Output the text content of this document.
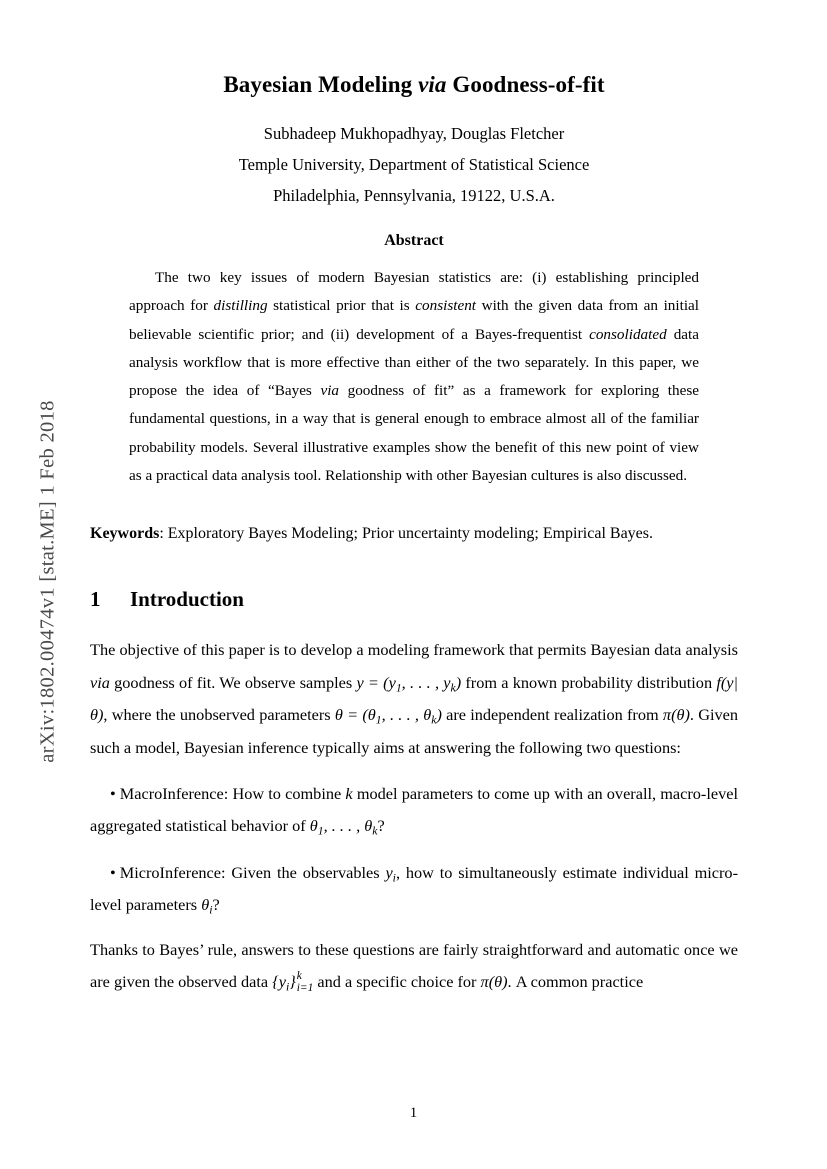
arXiv:1802.00474v1 [stat.ME] 1 Feb 2018
Bayesian Modeling via Goodness-of-fit
Subhadeep Mukhopadhyay, Douglas Fletcher
Temple University, Department of Statistical Science
Philadelphia, Pennsylvania, 19122, U.S.A.
Abstract
The two key issues of modern Bayesian statistics are: (i) establishing principled approach for distilling statistical prior that is consistent with the given data from an initial believable scientific prior; and (ii) development of a Bayes-frequentist consolidated data analysis workflow that is more effective than either of the two separately. In this paper, we propose the idea of “Bayes via goodness of fit” as a framework for exploring these fundamental questions, in a way that is general enough to embrace almost all of the familiar probability models. Several illustrative examples show the benefit of this new point of view as a practical data analysis tool. Relationship with other Bayesian cultures is also discussed.
Keywords: Exploratory Bayes Modeling; Prior uncertainty modeling; Empirical Bayes.
1 Introduction

The objective of this paper is to develop a modeling framework that permits Bayesian data analysis via goodness of fit. We observe samples $y = (y_1$, . . . , $y_k$) from a known probability distribution f(y|θ), where the unobserved parameters $\theta = (\theta_1$, . . . , $\theta_k$) are independent realization from π(θ). Given such a model, Bayesian inference typically aims at answering the following two questions:

• MacroInference: How to combine k model parameters to come up with an overall, macro-level aggregated statistical behavior of $\theta_1$, . . . , $\theta_k$?
• MicroInference: Given the observables $y_i$, how to simultaneously estimate individual micro-level parameters $\theta_i$?

Thanks to Bayes’ rule, answers to these questions are fairly straightforward and automatic once we are given the observed data $\{y_i\}$ k
i=1 and a specific choice for π(θ). A common practice

1
